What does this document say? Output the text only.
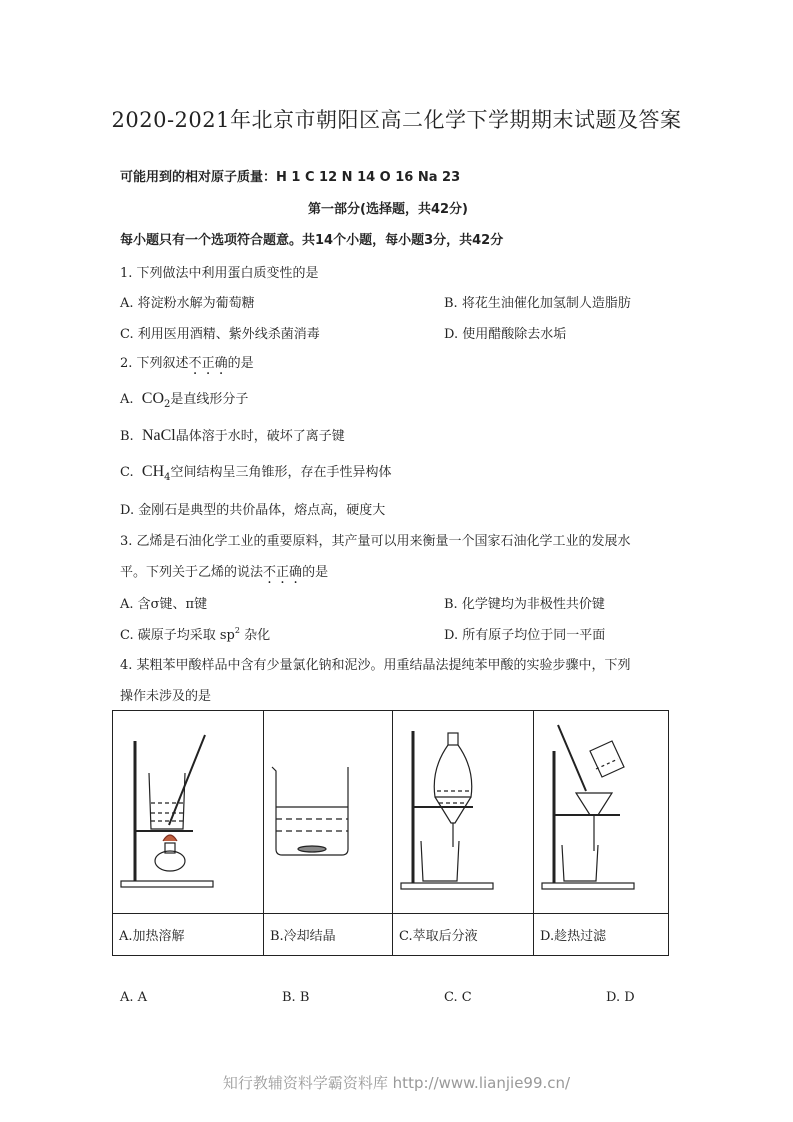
2020-2021年北京市朝阳区高二化学下学期期末试题及答案
可能用到的相对原子质量：H 1 C 12 N 14 O 16 Na 23
第一部分(选择题，共42分)
每小题只有一个选项符合题意。共14个小题，每小题3分，共42分
1. 下列做法中利用蛋白质变性的是
A. 将淀粉水解为葡萄糖	B. 将花生油催化加氢制人造脂肪
C. 利用医用酒精、紫外线杀菌消毒	D. 使用醋酸除去水垢
2. 下列叙述不正确的是
A. $CO_2$是直线形分子
B. NaCl晶体溶于水时，破坏了离子键
C. $CH_4$空间结构呈三角锥形，存在手性异构体
D. 金刚石是典型的共价晶体，熔点高，硬度大
3. 乙烯是石油化学工业的重要原料，其产量可以用来衡量一个国家石油化学工业的发展水
平。下列关于乙烯的说法不正确的是
A. 含σ键、π键	B. 化学键均为非极性共价键
C. 碳原子均采取 $sp^2$ 杂化	D. 所有原子均位于同一平面
4. 某粗苯甲酸样品中含有少量氯化钠和泥沙。用重结晶法提纯苯甲酸的实验步骤中，下列
操作未涉及的是

A.加热溶解	B.冷却结晶	C.萃取后分液	D.趁热过滤
A. A	B. B	C. C	D. D
知行教辅资料学霸资料库 http://www.lianjie99.cn/
